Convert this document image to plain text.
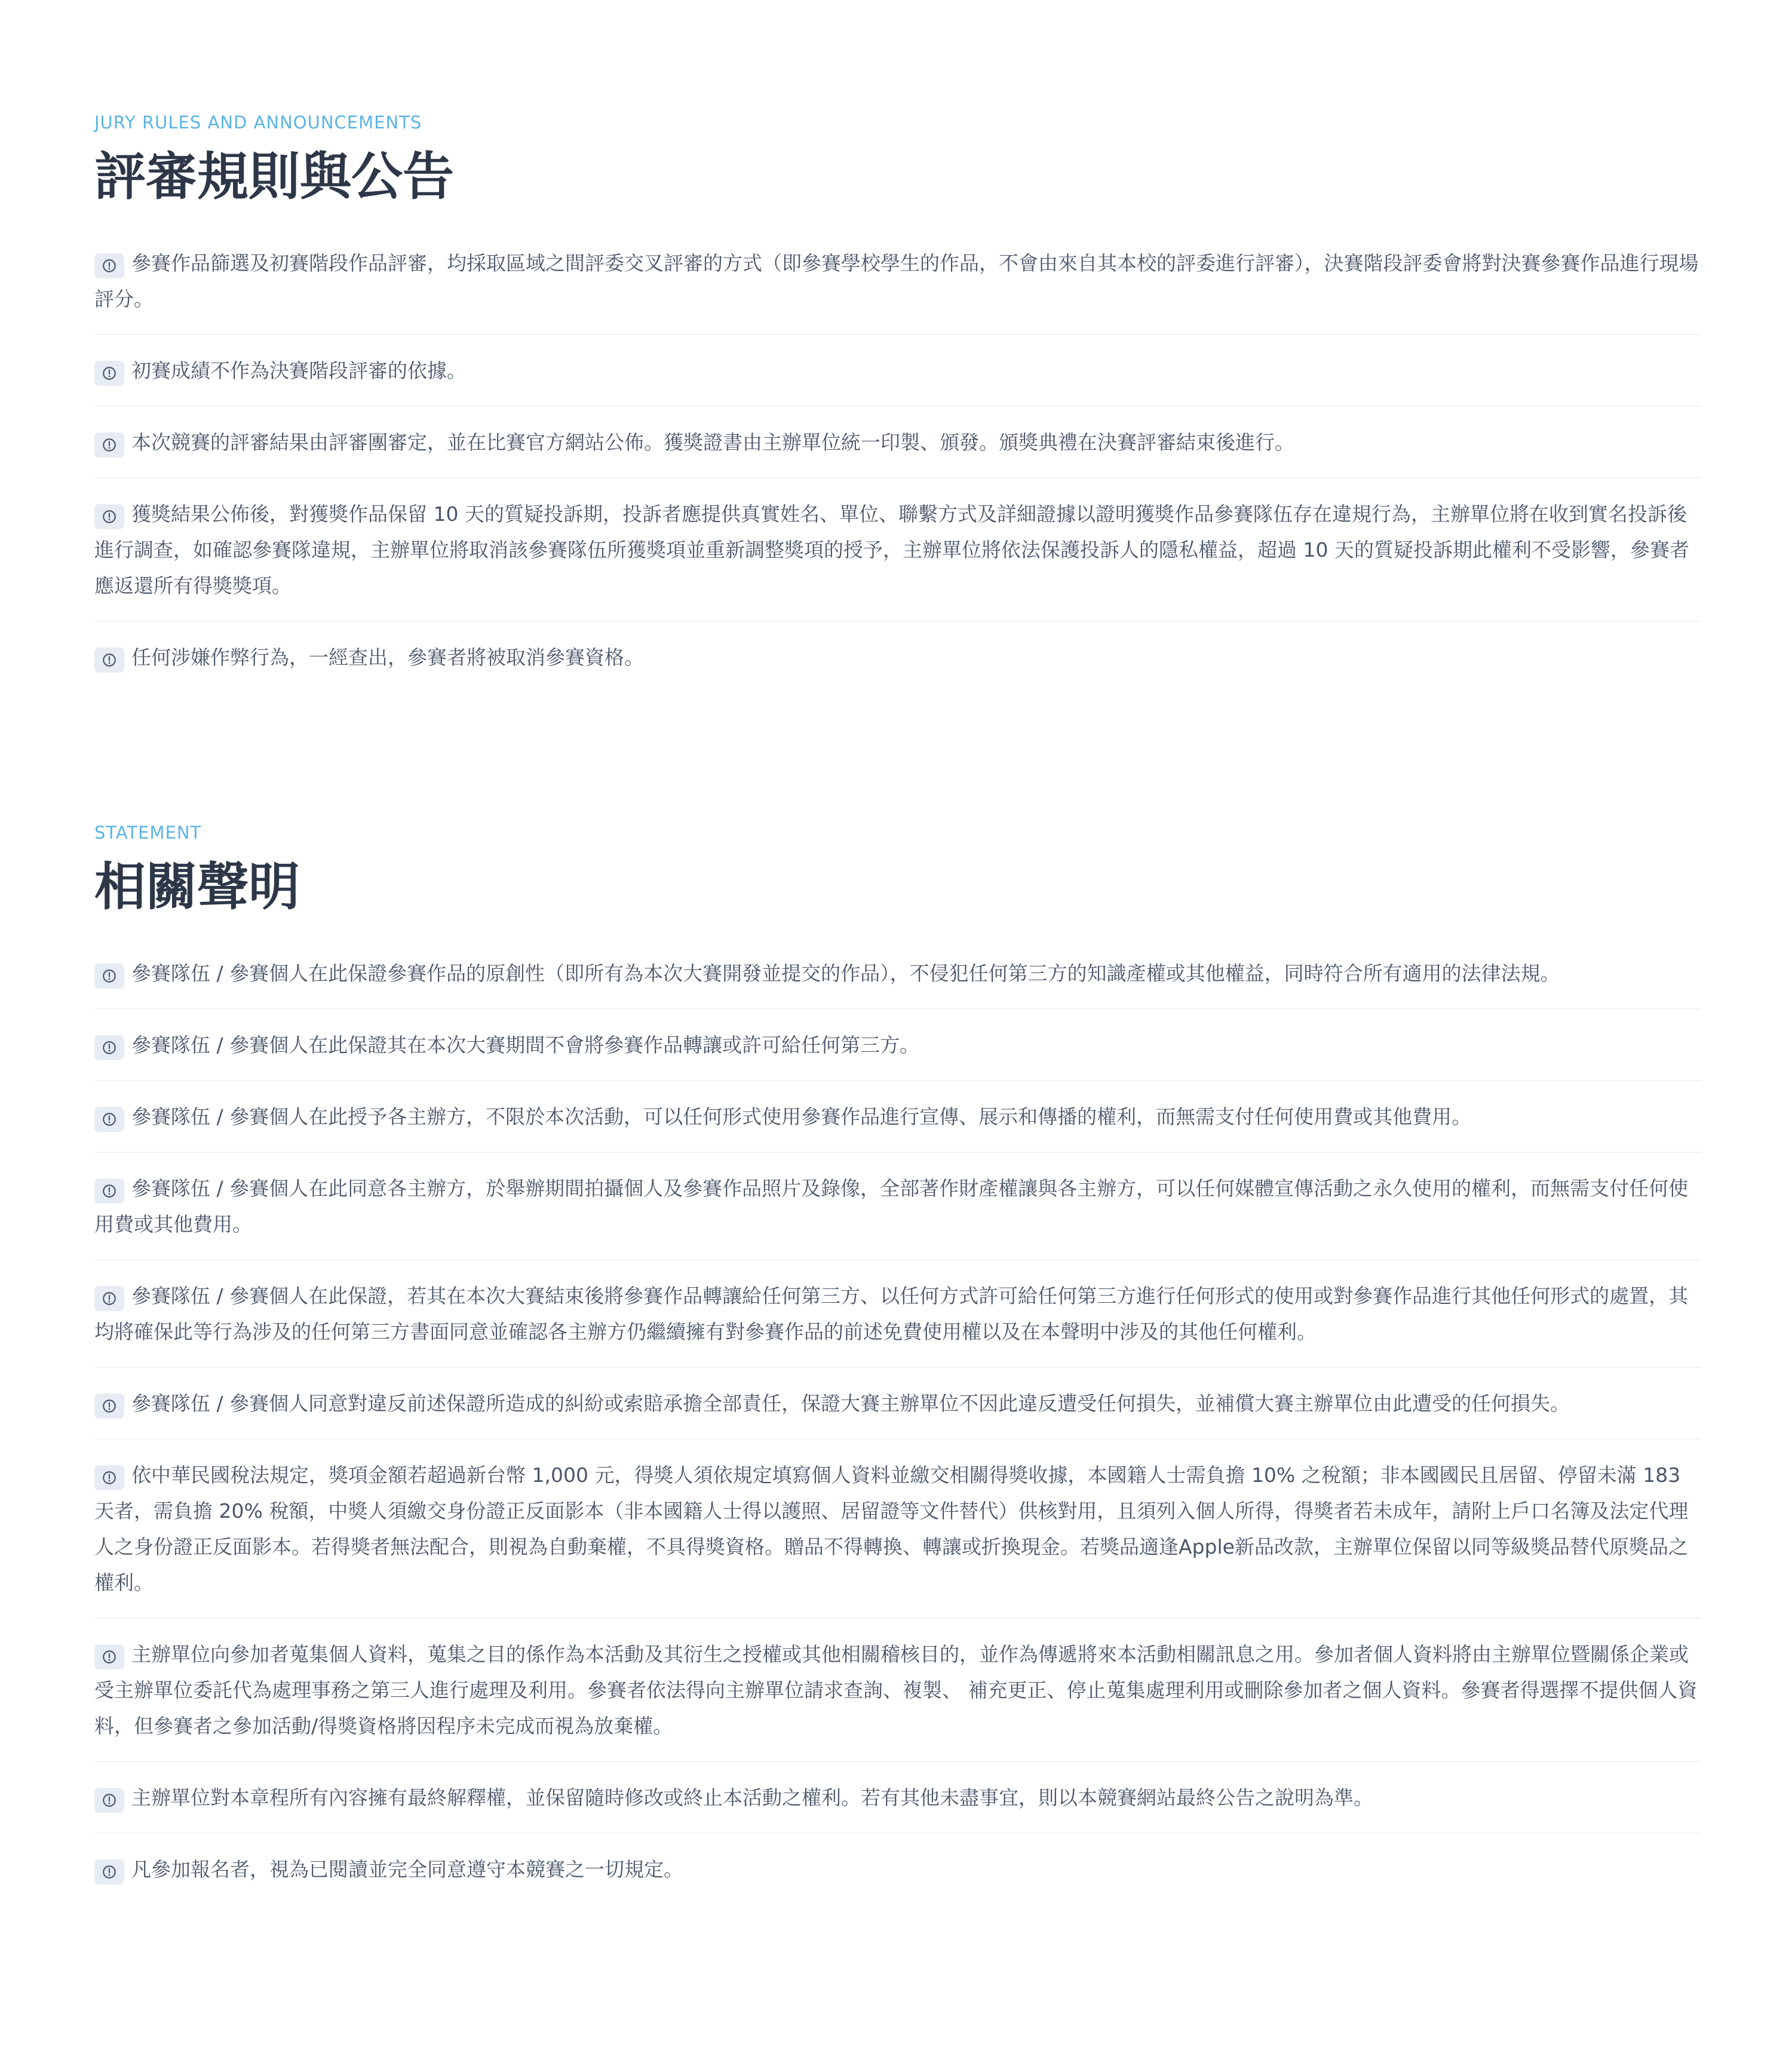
JURY RULES AND ANNOUNCEMENTS
評審規則與公告

參賽作品篩選及初賽階段作品評審，均採取區域之間評委交叉評審的方式（即參賽學校學生的作品，不會由來自其本校的評委進行評審），決賽階段評委會將對決賽參賽作品進行現場評分。

初賽成績不作為決賽階段評審的依據。

本次競賽的評審結果由評審團審定，並在比賽官方網站公佈。獲獎證書由主辦單位統一印製、頒發。頒獎典禮在決賽評審結束後進行。

獲獎結果公佈後，對獲獎作品保留 10 天的質疑投訴期，投訴者應提供真實姓名、單位、聯繫方式及詳細證據以證明獲獎作品參賽隊伍存在違規行為，主辦單位將在收到實名投訴後進行調查，如確認參賽隊違規，主辦單位將取消該參賽隊伍所獲獎項並重新調整獎項的授予，主辦單位將依法保護投訴人的隱私權益，超過 10 天的質疑投訴期此權利不受影響，參賽者應返還所有得獎獎項。

任何涉嫌作弊行為，一經查出，參賽者將被取消參賽資格。

STATEMENT
相關聲明

參賽隊伍 / 參賽個人在此保證參賽作品的原創性（即所有為本次大賽開發並提交的作品），不侵犯任何第三方的知識產權或其他權益，同時符合所有適用的法律法規。

參賽隊伍 / 參賽個人在此保證其在本次大賽期間不會將參賽作品轉讓或許可給任何第三方。

參賽隊伍 / 參賽個人在此授予各主辦方，不限於本次活動，可以任何形式使用參賽作品進行宣傳、展示和傳播的權利，而無需支付任何使用費或其他費用。

參賽隊伍 / 參賽個人在此同意各主辦方，於舉辦期間拍攝個人及參賽作品照片及錄像，全部著作財產權讓與各主辦方，可以任何媒體宣傳活動之永久使用的權利，而無需支付任何使用費或其他費用。

參賽隊伍 / 參賽個人在此保證，若其在本次大賽結束後將參賽作品轉讓給任何第三方、以任何方式許可給任何第三方進行任何形式的使用或對參賽作品進行其他任何形式的處置，其均將確保此等行為涉及的任何第三方書面同意並確認各主辦方仍繼續擁有對參賽作品的前述免費使用權以及在本聲明中涉及的其他任何權利。

參賽隊伍 / 參賽個人同意對違反前述保證所造成的糾紛或索賠承擔全部責任，保證大賽主辦單位不因此違反遭受任何損失，並補償大賽主辦單位由此遭受的任何損失。

依中華民國稅法規定，獎項金額若超過新台幣 1,000 元，得獎人須依規定填寫個人資料並繳交相關得獎收據，本國籍人士需負擔 10% 之稅額；非本國國民且居留、停留未滿 183 天者，需負擔 20% 稅額，中獎人須繳交身份證正反面影本（非本國籍人士得以護照、居留證等文件替代）供核對用，且須列入個人所得，得獎者若未成年，請附上戶口名簿及法定代理人之身份證正反面影本。若得獎者無法配合，則視為自動棄權，不具得獎資格。贈品不得轉換、轉讓或折換現金。若獎品適逢Apple新品改款，主辦單位保留以同等級獎品替代原獎品之權利。

主辦單位向參加者蒐集個人資料，蒐集之目的係作為本活動及其衍生之授權或其他相關稽核目的，並作為傳遞將來本活動相關訊息之用。參加者個人資料將由主辦單位暨關係企業或受主辦單位委託代為處理事務之第三人進行處理及利用。參賽者依法得向主辦單位請求查詢、複製、 補充更正、停止蒐集處理利用或刪除參加者之個人資料。參賽者得選擇不提供個人資料，但參賽者之參加活動/得獎資格將因程序未完成而視為放棄權。

主辦單位對本章程所有內容擁有最終解釋權，並保留隨時修改或終止本活動之權利。若有其他未盡事宜，則以本競賽網站最終公告之說明為準。

凡參加報名者，視為已閱讀並完全同意遵守本競賽之一切規定。
